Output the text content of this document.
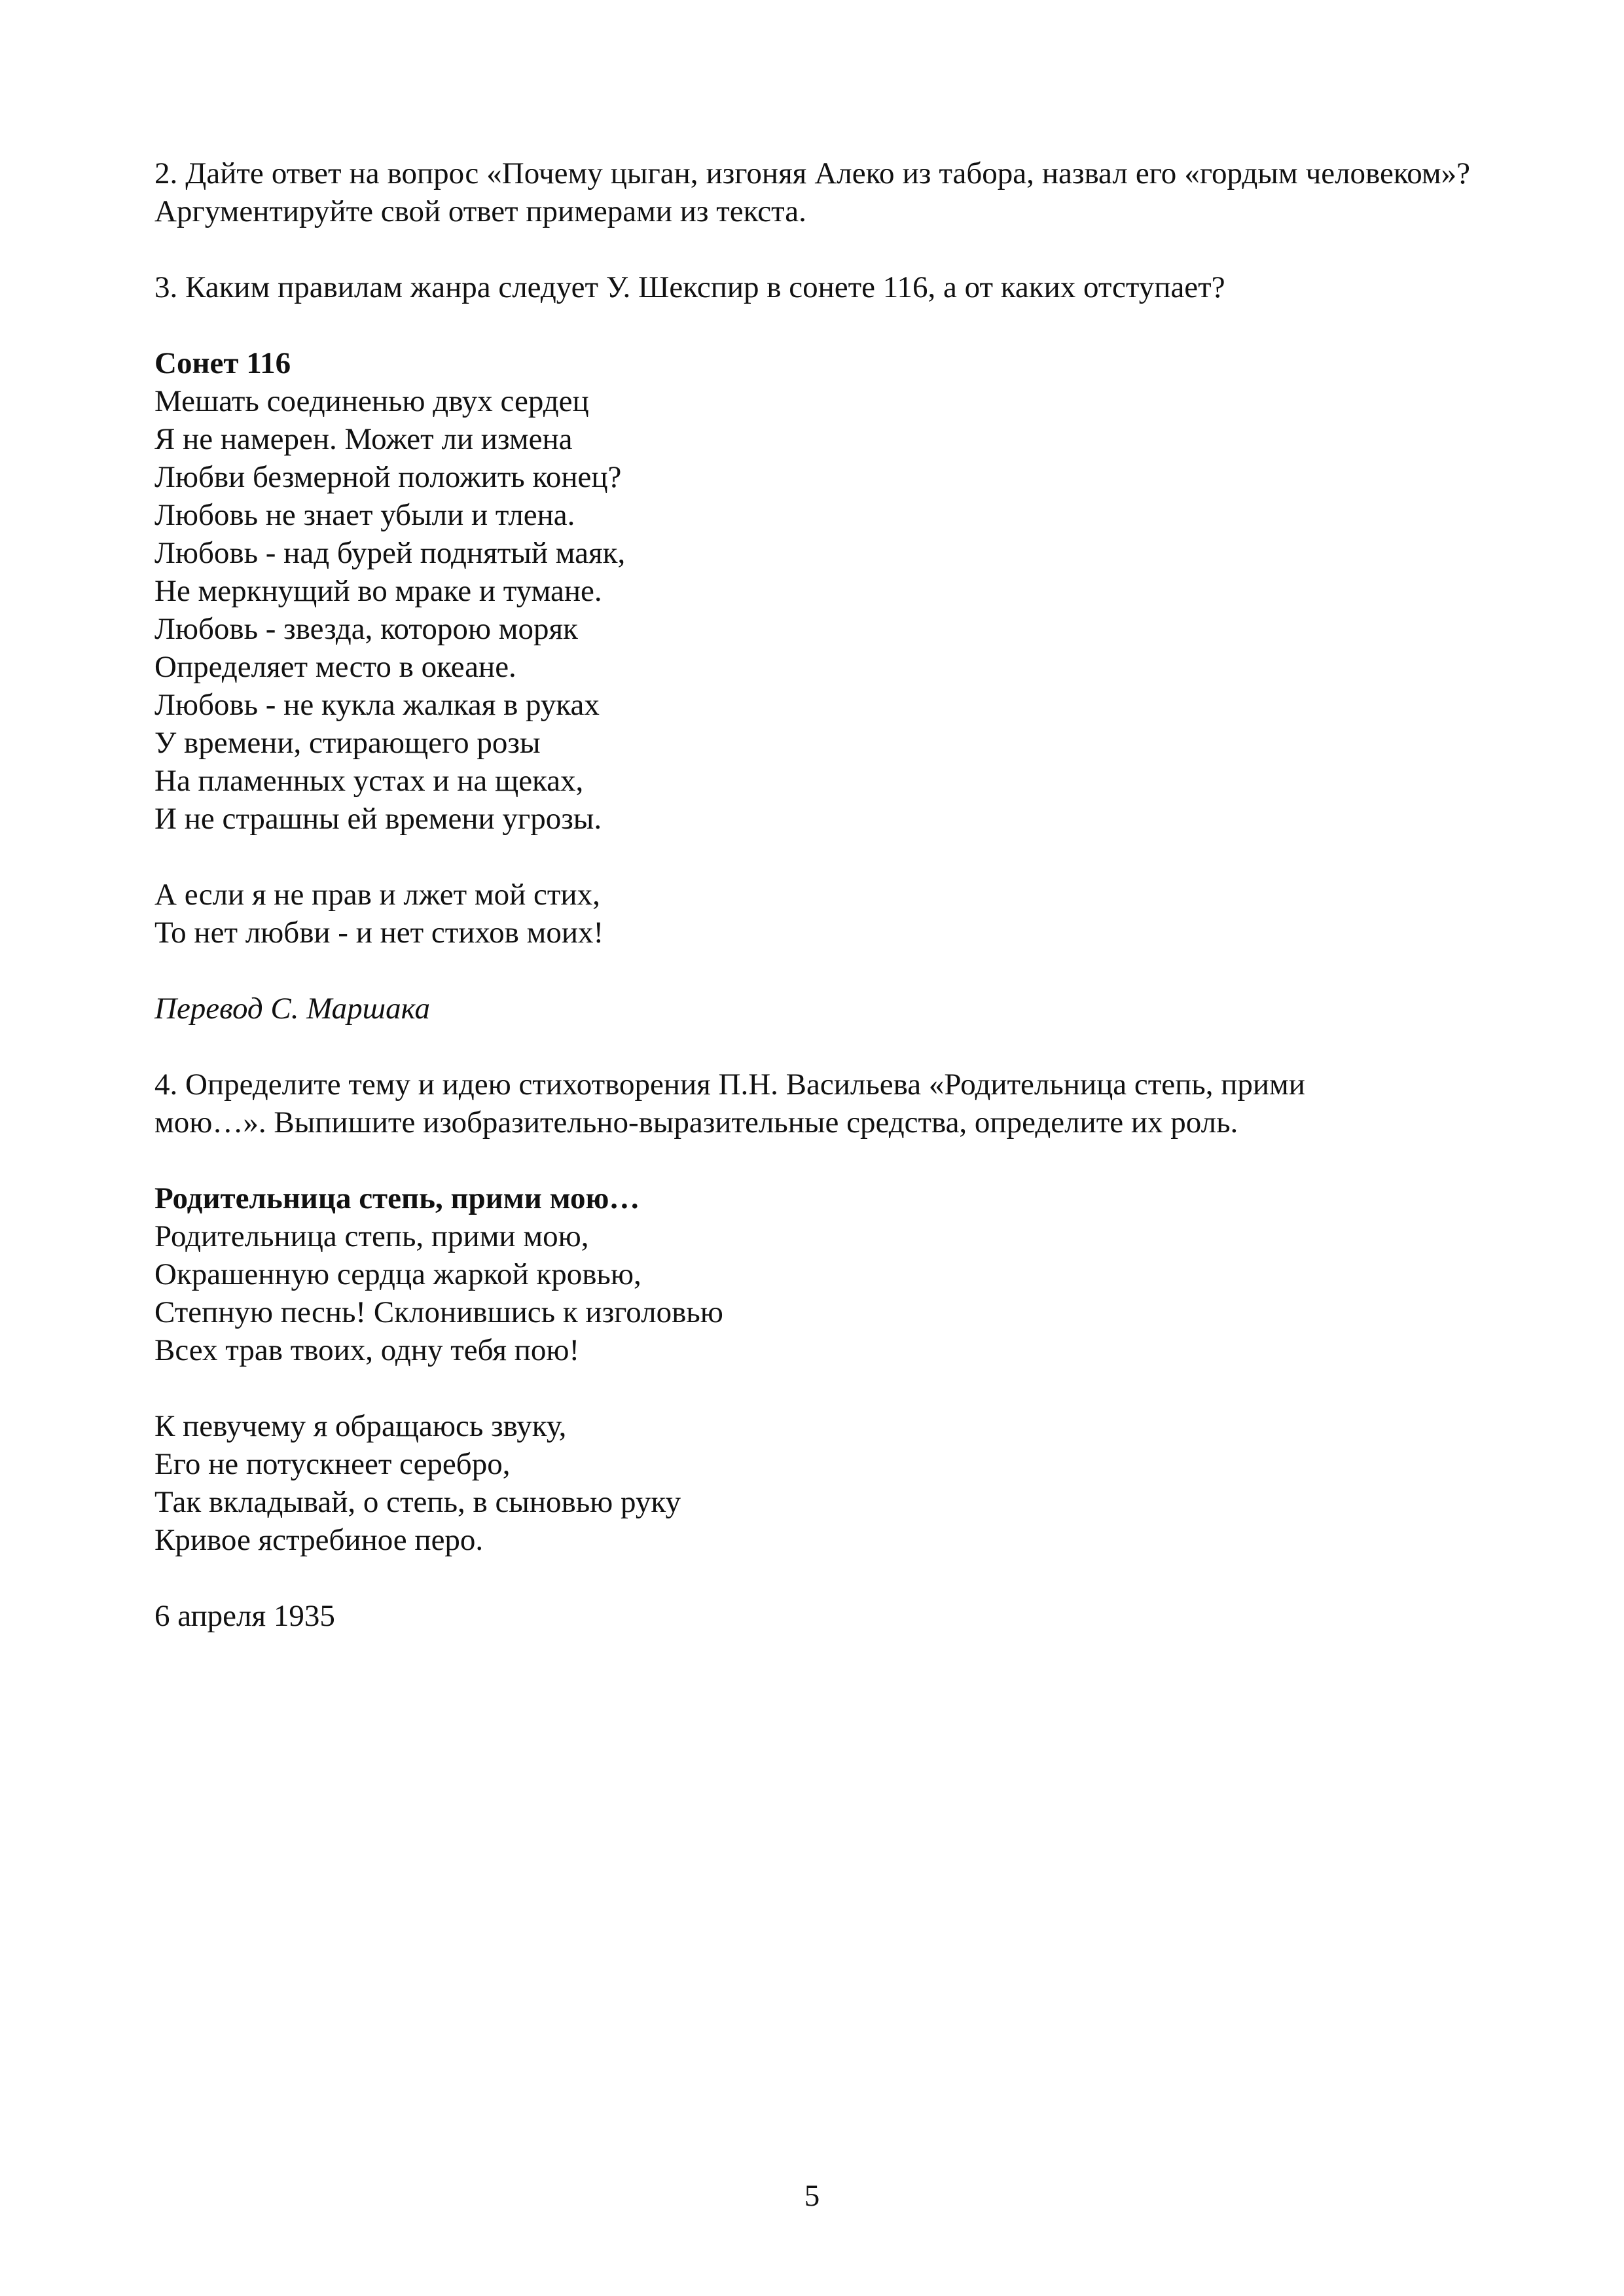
2. Дайте ответ на вопрос «Почему цыган, изгоняя Алеко из табора, назвал его «гордым человеком»? Аргументируйте свой ответ примерами из текста.

3. Каким правилам жанра следует У. Шекспир в сонете 116, а от каких отступает?

Сонет 116
Мешать соединенью двух сердец
Я не намерен. Может ли измена
Любви безмерной положить конец?
Любовь не знает убыли и тлена.
Любовь - над бурей поднятый маяк,
Не меркнущий во мраке и тумане.
Любовь - звезда, которою моряк
Определяет место в океане.
Любовь - не кукла жалкая в руках
У времени, стирающего розы
На пламенных устах и на щеках,
И не страшны ей времени угрозы.
А если я не прав и лжет мой стих,
То нет любви - и нет стихов моих!
Перевод С. Маршака
4. Определите тему и идею стихотворения П.Н. Васильева «Родительница степь, прими
мою…». Выпишите изобразительно-выразительные средства, определите их роль.
Родительница степь, прими мою…
Родительница степь, прими мою,
Окрашенную сердца жаркой кровью,
Степную песнь! Склонившись к изголовью
Всех трав твоих, одну тебя пою!
К певучему я обращаюсь звуку,
Его не потускнеет серебро,
Так вкладывай, о степь, в сыновью руку
Кривое ястребиное перо.
6 апреля 1935
5
